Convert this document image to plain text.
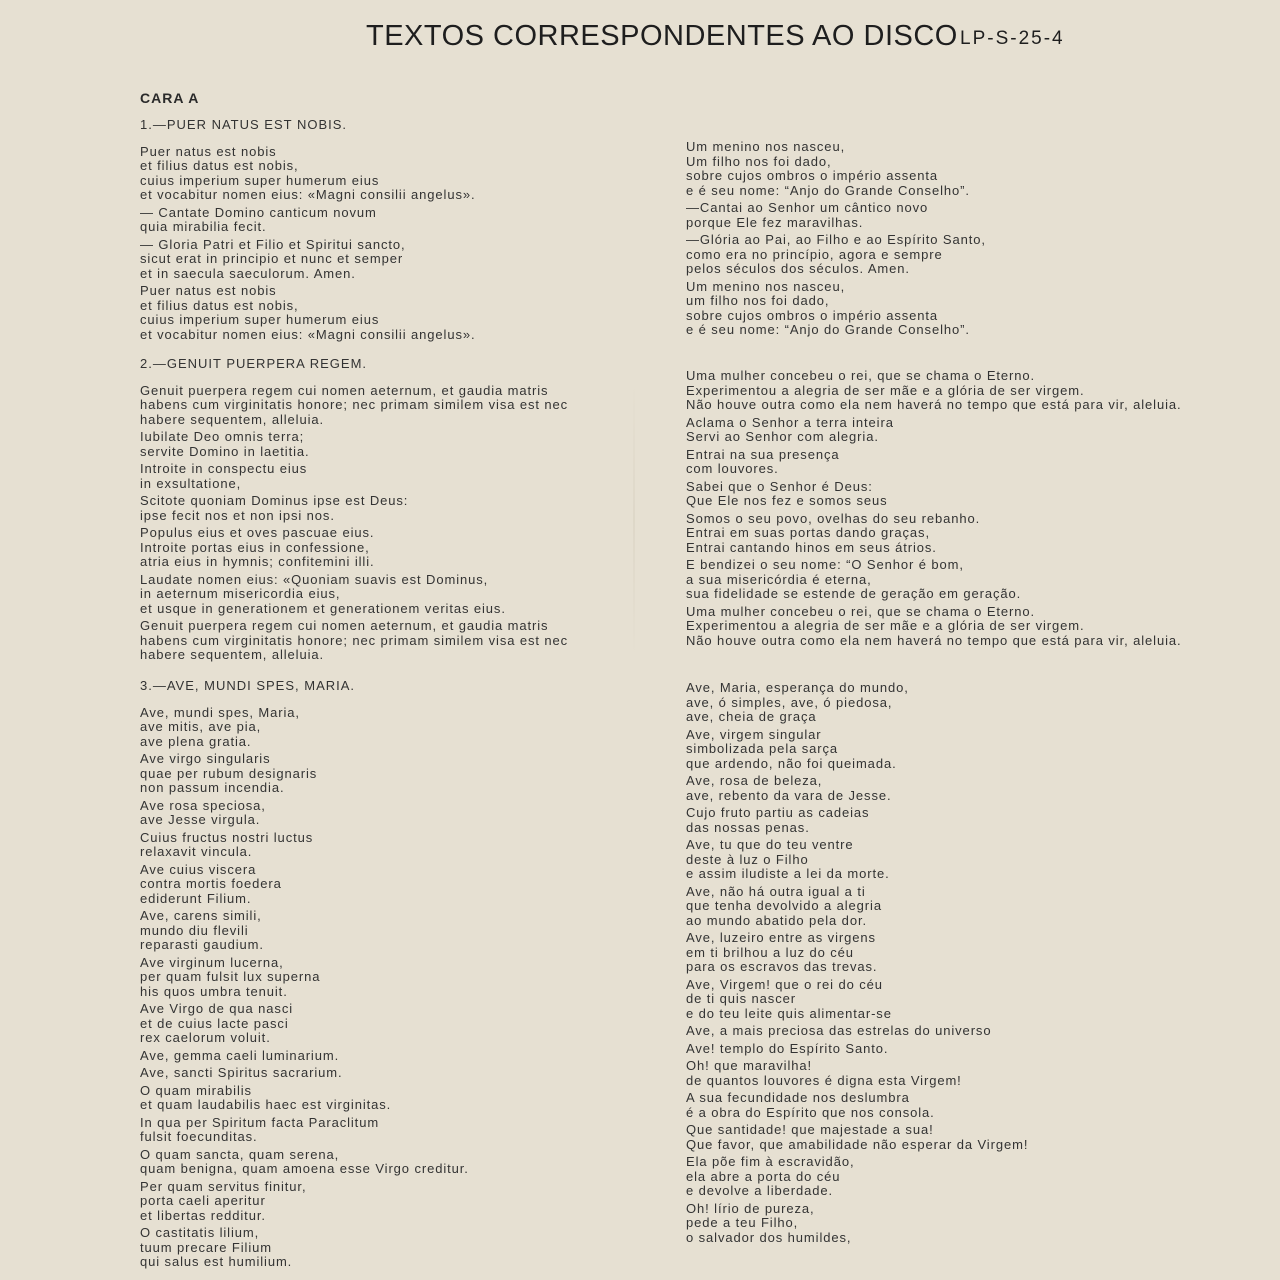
TEXTOS CORRESPONDENTES AO DISCO LP-S-25-4
CARA A
1.—PUER NATUS EST NOBIS.
Puer natus est nobis
et filius datus est nobis,
cuius imperium super humerum eius
et vocabitur nomen eius: «Magni consilii angelus».
— Cantate Domino canticum novum
quia mirabilia fecit.
— Gloria Patri et Filio et Spiritui sancto,
sicut erat in principio et nunc et semper
et in saecula saeculorum. Amen.
Puer natus est nobis
et filius datus est nobis,
cuius imperium super humerum eius
et vocabitur nomen eius: «Magni consilii angelus».
Um menino nos nasceu,
Um filho nos foi dado,
sobre cujos ombros o império assenta
e é seu nome: “Anjo do Grande Conselho”.
—Cantai ao Senhor um cântico novo
porque Ele fez maravilhas.
—Glória ao Pai, ao Filho e ao Espírito Santo,
como era no princípio, agora e sempre
pelos séculos dos séculos. Amen.
Um menino nos nasceu,
um filho nos foi dado,
sobre cujos ombros o império assenta
e é seu nome: “Anjo do Grande Conselho”.
2.—GENUIT PUERPERA REGEM.
Genuit puerpera regem cui nomen aeternum, et gaudia matris
habens cum virginitatis honore; nec primam similem visa est nec
habere sequentem, alleluia.
Iubilate Deo omnis terra;
servite Domino in laetitia.
Introite in conspectu eius
in exsultatione,
Scitote quoniam Dominus ipse est Deus:
ipse fecit nos et non ipsi nos.
Populus eius et oves pascuae eius.
Introite portas eius in confessione,
atria eius in hymnis; confitemini illi.
Laudate nomen eius: «Quoniam suavis est Dominus,
in aeternum misericordia eius,
et usque in generationem et generationem veritas eius.
Genuit puerpera regem cui nomen aeternum, et gaudia matris
habens cum virginitatis honore; nec primam similem visa est nec
habere sequentem, alleluia.
Uma mulher concebeu o rei, que se chama o Eterno.
Experimentou a alegria de ser mãe e a glória de ser virgem.
Não houve outra como ela nem haverá no tempo que está para vir, aleluia.
Aclama o Senhor a terra inteira
Servi ao Senhor com alegria.
Entrai na sua presença
com louvores.
Sabei que o Senhor é Deus:
Que Ele nos fez e somos seus
Somos o seu povo, ovelhas do seu rebanho.
Entrai em suas portas dando graças,
Entrai cantando hinos em seus átrios.
E bendizei o seu nome: “O Senhor é bom,
a sua misericórdia é eterna,
sua fidelidade se estende de geração em geração.
Uma mulher concebeu o rei, que se chama o Eterno.
Experimentou a alegria de ser mãe e a glória de ser virgem.
Não houve outra como ela nem haverá no tempo que está para vir, aleluia.
3.—AVE, MUNDI SPES, MARIA.
Ave, mundi spes, Maria,
ave mitis, ave pia,
ave plena gratia.
Ave virgo singularis
quae per rubum designaris
non passum incendia.
Ave rosa speciosa,
ave Jesse virgula.
Cuius fructus nostri luctus
relaxavit vincula.
Ave cuius viscera
contra mortis foedera
ediderunt Filium.
Ave, carens simili,
mundo diu flevili
reparasti gaudium.
Ave virginum lucerna,
per quam fulsit lux superna
his quos umbra tenuit.
Ave Virgo de qua nasci
et de cuius lacte pasci
rex caelorum voluit.
Ave, gemma caeli luminarium.
Ave, sancti Spiritus sacrarium.
O quam mirabilis
et quam laudabilis haec est virginitas.
In qua per Spiritum facta Paraclitum
fulsit foecunditas.
O quam sancta, quam serena,
quam benigna, quam amoena esse Virgo creditur.
Per quam servitus finitur,
porta caeli aperitur
et libertas redditur.
O castitatis lilium,
tuum precare Filium
qui salus est humilium.
Ave, Maria, esperança do mundo,
ave, ó simples, ave, ó piedosa,
ave, cheia de graça
Ave, virgem singular
simbolizada pela sarça
que ardendo, não foi queimada.
Ave, rosa de beleza,
ave, rebento da vara de Jesse.
Cujo fruto partiu as cadeias
das nossas penas.
Ave, tu que do teu ventre
deste à luz o Filho
e assim iludiste a lei da morte.
Ave, não há outra igual a ti
que tenha devolvido a alegria
ao mundo abatido pela dor.
Ave, luzeiro entre as virgens
em ti brilhou a luz do céu
para os escravos das trevas.
Ave, Virgem! que o rei do céu
de ti quis nascer
e do teu leite quis alimentar-se
Ave, a mais preciosa das estrelas do universo
Ave! templo do Espírito Santo.
Oh! que maravilha!
de quantos louvores é digna esta Virgem!
A sua fecundidade nos deslumbra
é a obra do Espírito que nos consola.
Que santidade! que majestade a sua!
Que favor, que amabilidade não esperar da Virgem!
Ela põe fim à escravidão,
ela abre a porta do céu
e devolve a liberdade.
Oh! lírio de pureza,
pede a teu Filho,
o salvador dos humildes,
